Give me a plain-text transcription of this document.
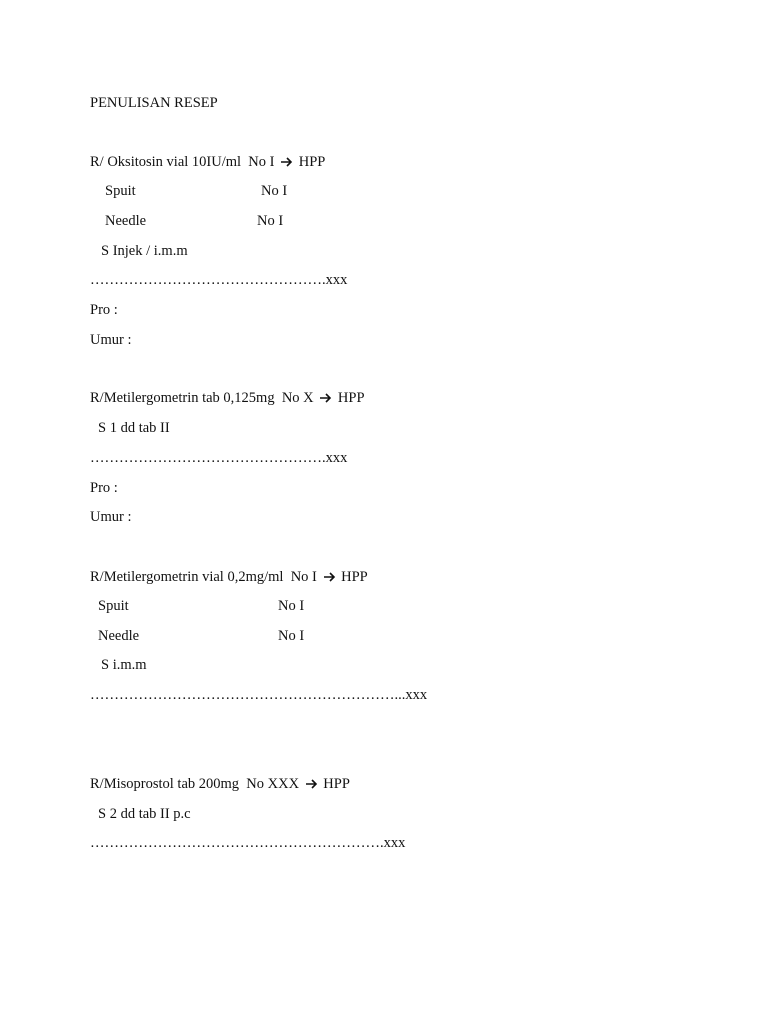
PENULISAN RESEP
R/ Oksitosin vial 10IU/ml  No I HPP
Spuit	No I
Needle	No I
S Injek / i.m.m
………………………………………….xxx
Pro :
Umur :
R/Metilergometrin tab 0,125mg  No X HPP
S 1 dd tab II
………………………………………….xxx
Pro :
Umur :
R/Metilergometrin vial 0,2mg/ml  No I HPP
Spuit	No I
Needle	No I
S i.m.m
………………………………………………………...xxx
R/Misoprostol tab 200mg  No XXX HPP
S 2 dd tab II p.c
…………………………………………………….xxx
